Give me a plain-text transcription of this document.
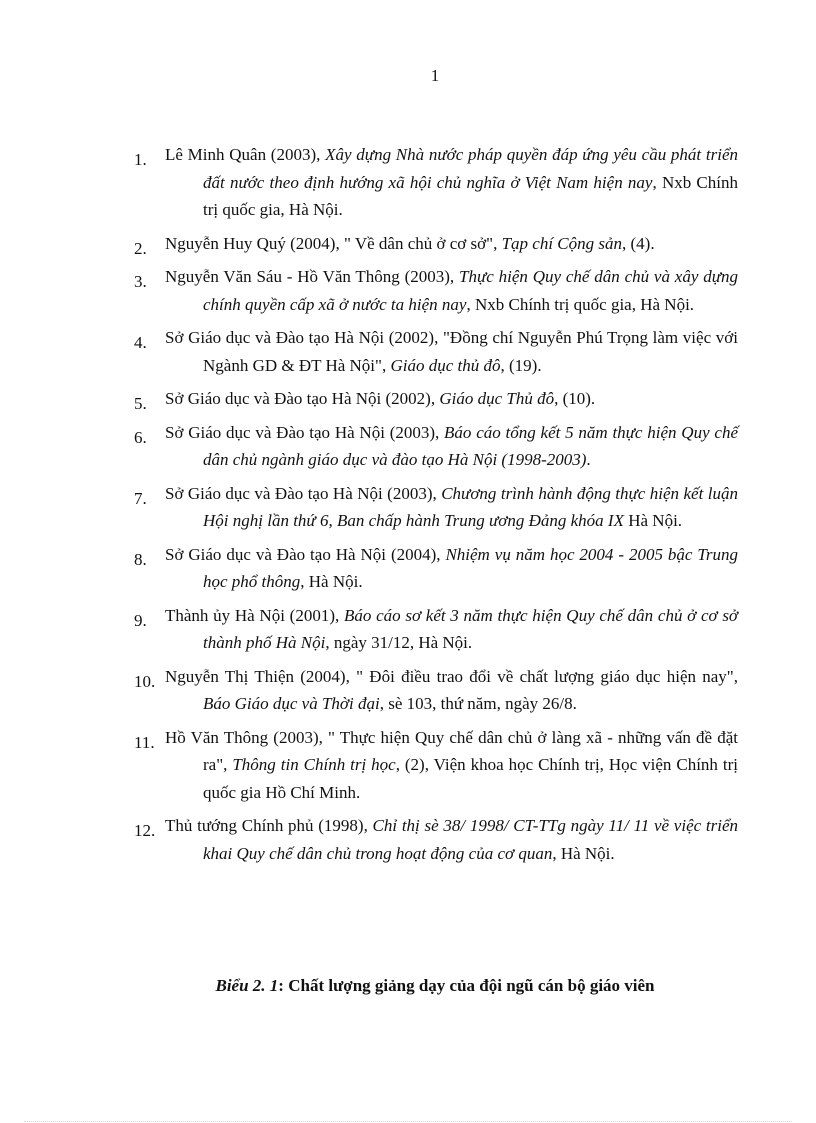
1
1. Lê Minh Quân (2003), Xây dựng Nhà nước pháp quyền đáp ứng yêu cầu phát triển đất nước theo định hướng xã hội chủ nghĩa ở Việt Nam hiện nay, Nxb Chính trị quốc gia, Hà Nội.
2. Nguyễn Huy Quý (2004), " Về dân chủ ở cơ sở", Tạp chí Cộng sản, (4).
3. Nguyễn Văn Sáu - Hồ Văn Thông (2003), Thực hiện Quy chế dân chủ và xây dựng chính quyền cấp xã ở nước ta hiện nay, Nxb Chính trị quốc gia, Hà Nội.
4. Sở Giáo dục và Đào tạo Hà Nội (2002), "Đồng chí Nguyễn Phú Trọng làm việc với Ngành GD & ĐT Hà Nội", Giáo dục thủ đô, (19).
5. Sở Giáo dục và Đào tạo Hà Nội (2002), Giáo dục Thủ đô, (10).
6. Sở Giáo dục và Đào tạo Hà Nội (2003), Báo cáo tổng kết 5 năm thực hiện Quy chế dân chủ ngành giáo dục và đào tạo Hà Nội (1998-2003).
7. Sở Giáo dục và Đào tạo Hà Nội (2003), Chương trình hành động thực hiện kết luận Hội nghị lần thứ 6, Ban chấp hành Trung ương Đảng khóa IX Hà Nội.
8. Sở Giáo dục và Đào tạo Hà Nội (2004), Nhiệm vụ năm học 2004 - 2005 bậc Trung học phổ thông, Hà Nội.
9. Thành ủy Hà Nội (2001), Báo cáo sơ kết 3 năm thực hiện Quy chế dân chủ ở cơ sở thành phố Hà Nội, ngày 31/12, Hà Nội.
10. Nguyễn Thị Thiện (2004), " Đôi điều trao đổi về chất lượng giáo dục hiện nay", Báo Giáo dục và Thời đại, sè 103, thứ năm, ngày 26/8.
11. Hồ Văn Thông (2003), " Thực hiện Quy chế dân chủ ở làng xã - những vấn đề đặt ra", Thông tin Chính trị học, (2), Viện khoa học Chính trị, Học viện Chính trị quốc gia Hồ Chí Minh.
12. Thủ tướng Chính phủ (1998), Chỉ thị sè 38/ 1998/ CT-TTg ngày 11/ 11 về việc triển khai Quy chế dân chủ trong hoạt động của cơ quan, Hà Nội.
Biểu 2. 1: Chất lượng giảng dạy của đội ngũ cán bộ giáo viên
